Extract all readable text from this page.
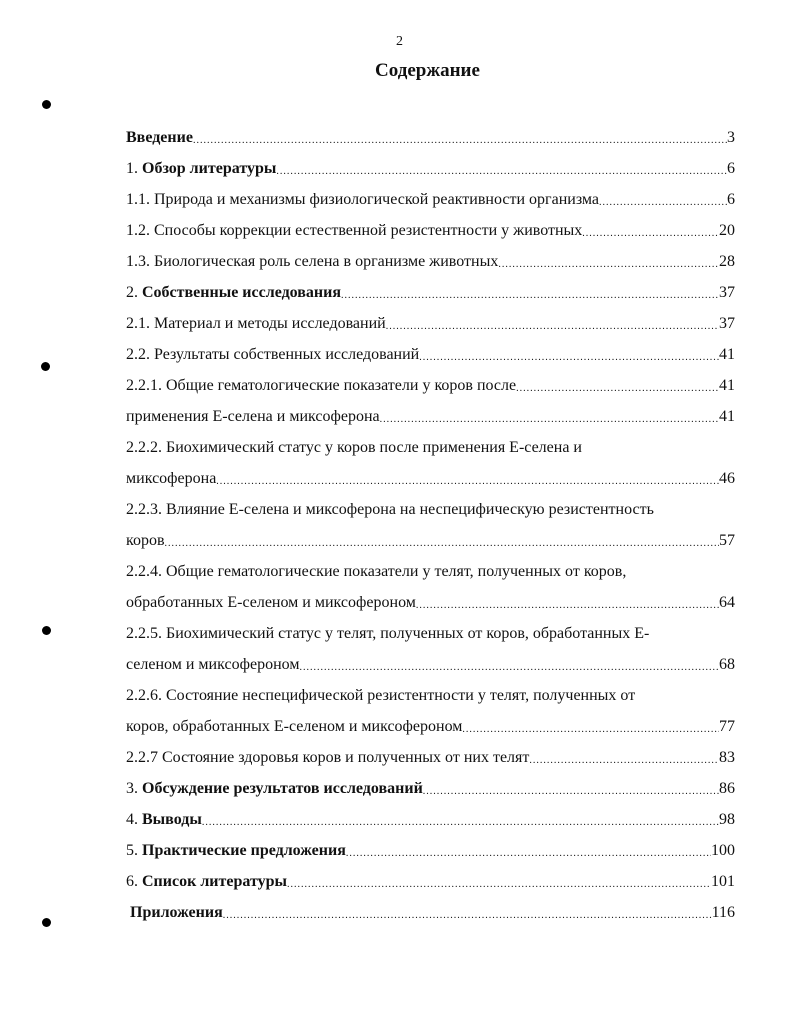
2
Содержание
Введение .....	3
1. Обзор литературы .....	6
1.1. Природа и механизмы физиологической реактивности организма .....	6
1.2. Способы коррекции естественной резистентности у животных .....	20
1.3. Биологическая роль селена в организме животных .....	28
2. Собственные исследования .....	37
2.1. Материал и методы исследований .....	37
2.2. Результаты собственных исследований .....	41
2.2.1. Общие гематологические показатели у коров после .....	41
применения Е-селена и миксоферона .....	41
2.2.2. Биохимический статус у коров после применения Е-селена и
миксоферона .....	46
2.2.3. Влияние Е-селена и миксоферона на неспецифическую резистентность
коров .....	57
2.2.4. Общие гематологические показатели у телят, полученных от коров,
обработанных Е-селеном и миксофероном .....	64
2.2.5. Биохимический статус у телят, полученных от коров, обработанных Е-
селеном и миксофероном .....	68
2.2.6. Состояние неспецифической резистентности у телят, полученных от
коров, обработанных Е-селеном и миксофероном .....	77
2.2.7 Состояние здоровья коров и полученных от них телят .....	83
3. Обсуждение результатов исследований .....	86
4. Выводы .....	98
5. Практические предложения .....	100
6. Список литературы .....	101
Приложения .....	116
